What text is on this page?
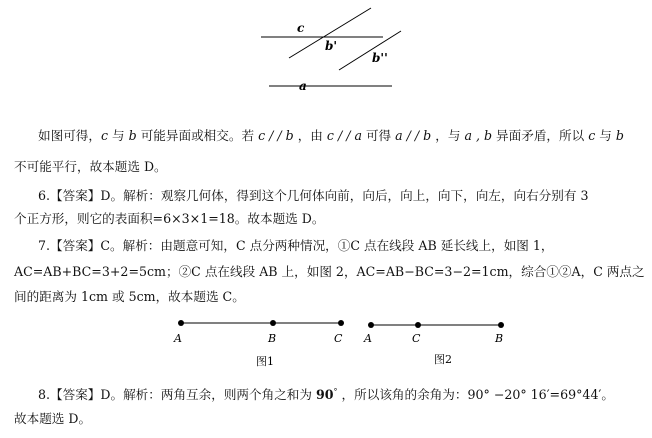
c
b'
b''
a
如图可得，c 与 b 可能异面或相交。若 c / / b ，由 c / / a 可得 a / / b ，与 a , b 异面矛盾，所以 c 与 b
不可能平行，故本题选 D。
6.【答案】D。解析：观察几何体，得到这个几何体向前，向后，向上，向下，向左，向右分别有 3
个正方形，则它的表面积=6×3×1=18。故本题选 D。
7.【答案】C。解析：由题意可知，C 点分两种情况，①C 点在线段 AB 延长线上，如图 1，
AC=AB+BC=3+2=5cm；②C 点在线段 AB 上，如图 2，AC=AB−BC=3−2=1cm，综合①②A，C 两点之
间的距离为 1cm 或 5cm，故本题选 C。
A	B	C
图1
A	C	B
图2
8.【答案】D。解析：两角互余，则两个角之和为 90° ，所以该角的余角为：90° −20° 16′=69°44′。
故本题选 D。
